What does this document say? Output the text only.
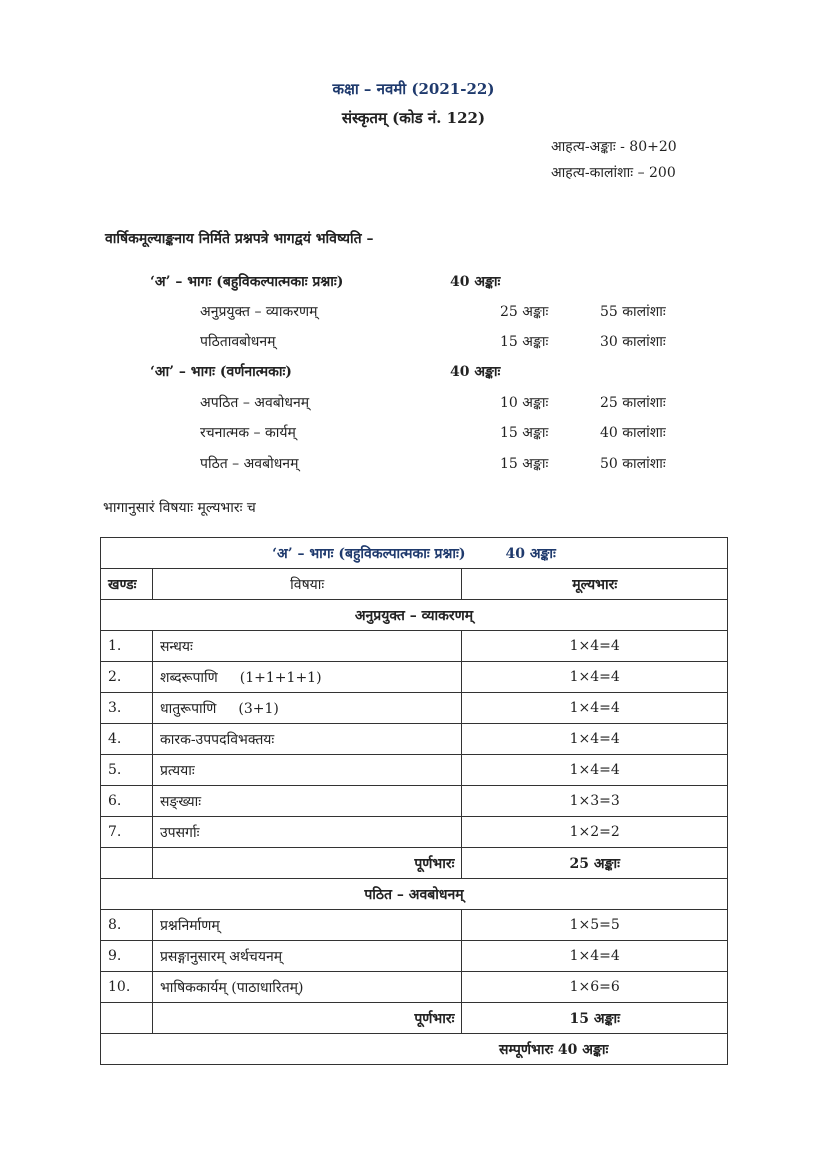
कक्षा – नवमी (2021-22)
संस्कृतम् (कोड नं. 122)
आहत्य-अङ्काः - 80+20
आहत्य-कालांशाः – 200
वार्षिकमूल्याङ्कनाय निर्मिते प्रश्नपत्रे भागद्वयं भविष्यति –
‘अ’ – भागः (बहुविकल्पात्मकाः प्रश्नाः)	40 अङ्काः
अनुप्रयुक्त – व्याकरणम्	25 अङ्काः	55 कालांशाः
पठितावबोधनम्	15 अङ्काः	30 कालांशाः
‘आ’ – भागः (वर्णनात्मकाः)	40 अङ्काः
अपठित – अवबोधनम्	10 अङ्काः	25 कालांशाः
रचनात्मक – कार्यम्	15 अङ्काः	40 कालांशाः
पठित – अवबोधनम्	15 अङ्काः	50 कालांशाः
भागानुसारं विषयाः मूल्यभारः च
‘अ’ – भागः (बहुविकल्पात्मकाः प्रश्नाः) 40 अङ्काः		
खण्डः	विषयाः	मूल्यभारः
अनुप्रयुक्त – व्याकरणम्		
1.	सन्धयः	1×4=4
2.	शब्दरूपाणि (1+1+1+1)	1×4=4
3.	धातुरूपाणि (3+1)	1×4=4
4.	कारक-उपपदविभक्तयः	1×4=4
5.	प्रत्ययाः	1×4=4
6.	सङ्ख्याः	1×3=3
7.	उपसर्गाः	1×2=2
	पूर्णभारः	25 अङ्काः
पठित – अवबोधनम्		
8.	प्रश्ननिर्माणम्	1×5=5
9.	प्रसङ्गानुसारम् अर्थचयनम्	1×4=4
10.	भाषिककार्यम् (पाठाधारितम्)	1×6=6
	पूर्णभारः	15 अङ्काः
सम्पूर्णभारः 40 अङ्काः		
